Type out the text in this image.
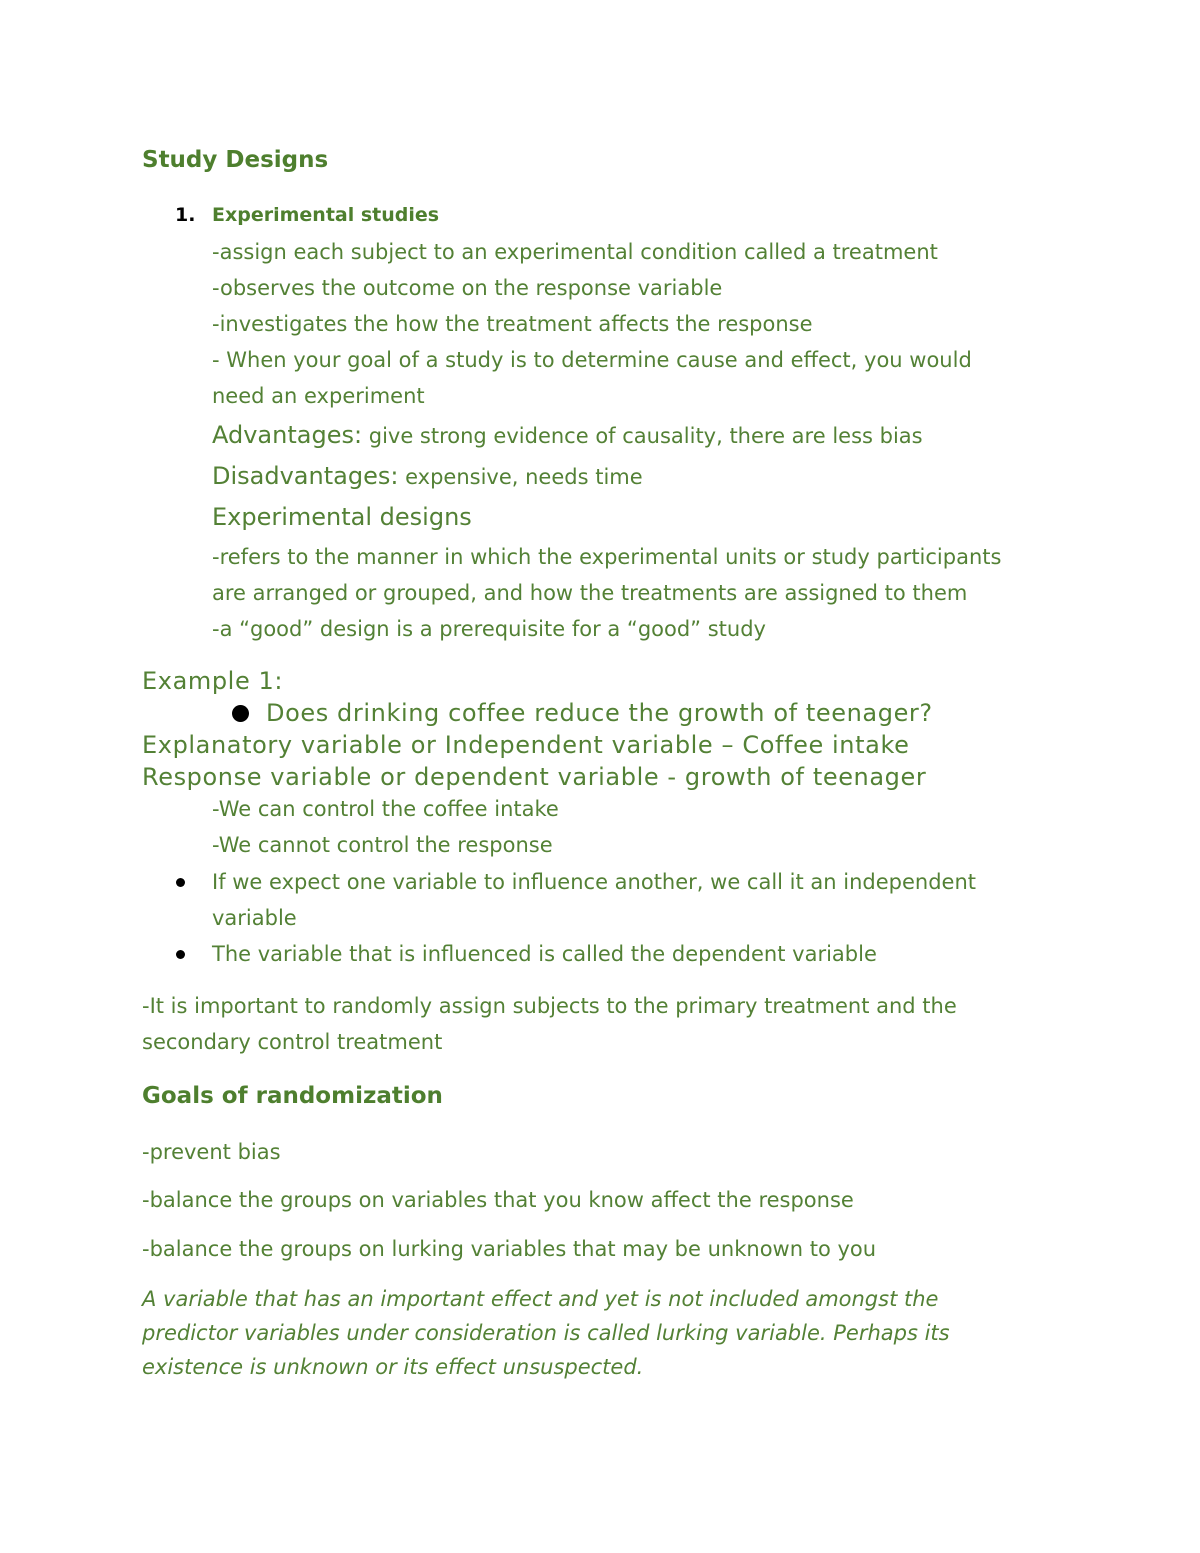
Study Designs

1. Experimental studies

-assign each subject to an experimental condition called a treatment

-observes the outcome on the response variable

-investigates the how the treatment affects the response

- When your goal of a study is to determine cause and effect, you would

need an experiment

Advantages: give strong evidence of causality, there are less bias

Disadvantages: expensive, needs time

Experimental designs

-refers to the manner in which the experimental units or study participants

are arranged or grouped, and how the treatments are assigned to them

-a “good” design is a prerequisite for a “good” study

Example 1:

Does drinking coffee reduce the growth of teenager?

Explanatory variable or Independent variable – Coffee intake

Response variable or dependent variable - growth of teenager

-We can control the coffee intake

-We cannot control the response

If we expect one variable to influence another, we call it an independent

variable

The variable that is influenced is called the dependent variable

-It is important to randomly assign subjects to the primary treatment and the

secondary control treatment

Goals of randomization

-prevent bias

-balance the groups on variables that you know affect the response

-balance the groups on lurking variables that may be unknown to you

A variable that has an important effect and yet is not included amongst the

predictor variables under consideration is called lurking variable. Perhaps its

existence is unknown or its effect unsuspected.
